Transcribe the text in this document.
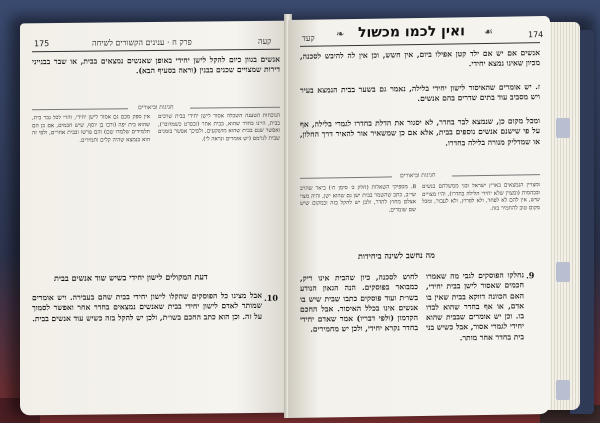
175	פרק ח · ענינים הקשורים לשיחה	קעה
אנשים בגוון כיום להקל לישן יחידי באופן שאנשים נמצאים בבית, או שבר בבנייני דירות שמצויים שכנים בבנין (וראה בסעיף הבא).
חגיגות וביאורים
הנוכחות הטענה השכלה אסור לישן יחידי בבית שרבים בבית, היינו בחדר שהוא, בבית אחר (ובפרט כשמדובר), ואפשר שגם בבית שהוא מושקעים, ולפיכך אפשר בזמנים שבית לגרמם (יש אומרים ונראה לי).
אין ספק מכם גם אסור לישן יחידי, והרי לכל גבר בית, שהוא בית יפה (ורבו בן יוסף, שיש חכמים, אם כן הם תלמידים שלמדו שם) והם פרשו ובבית אחרים, ולפי זה הוא בנמצא שהיה קלים ותמידים.
דעת המקולים לישון יחידי בשיש שוד אנשים בבית
10.
אבל מצינו כל הפוסקים שהקלו לישון יחידי בבית שהם בעבירה. ויש אומרים שמותר לאדם לישון יחידי בבית שאנשים נמצאים בחדר אחר ואפשר לסמוך על זה. וכן הוא כתב החכם בשו״ת, ולכן יש להקל בזה כשיש עוד אנשים בבית.
174
קעד ❧ ואין לכמו מכשול ☙
אנשים אם יש אם ילד קטן אפילו ביום, אין חשש, וכן אין לה להיבש לסכנה, מכיון שאינו נמצא יחידי.
ז. יש אומרים שהאיסור לישון יחידי בלילה, נאמר גם בשער בבית הנמצא בעיר ויש מסביב עוד בתים שדרים בהם אנשים.
ומכל מקום כן, שנמצא לבר בחדר, לא יסגור את הדלת בחדרו לגמרי בלילה, אף על פי שישנם אנשים נוספים בבית, אלא אם כן שמשאיר אור להאיר דרך החלון, או שמדליק מנורה בלילה בחדרו.
חגיגות וביאורים
ומצויין הנמצאים בארץ ישראל ובני ממשלתם בנשים ובבהמות (ומצוין שלא יחידי הלילה בחדרו), והיו מצויים שיש, אין להם לא לפחד, ולא לפרוץ, ולא לעבור, ומכל מקום טוב להחמיר בזה.
8. מספיקי השאלות (חלק ב׳ סימן ח׳) ביאר שהרב שי״ב, כתב שהשמר בבית ישן גם שהוא ישן, והיה מצוי אצלם מחוץ לחדר, ולכן יש להקל בזה ובמקום שיש שם שומרים.
מה נחשב לשינה ביחידות
9.
נחלקו הפוסקים לגבי מה שאמרו חכמים שאסור לישן בבית יחידי, האם הכוונה דווקא בבית שאין בו אדם, או אף בחדר שהוא לבדו בו. וכן יש אומרים שבבית שהוא יחידי לגמרי אסור, אבל כשיש בני בית בחדר אחר מותר.
לחוש לסכנה, כיון שהבית אינו ריק, כמבואר בפוסקים. הנה הגאון הנודע בשו״ת ועוד פוסקים כתבו שבית שיש בו אנשים אינו בכלל האיסור. אבל החכם הקדמון (ולפי דבריו) אמר שאדם יחידי בחדר נקרא יחידי, ולכן יש מחמירים.
